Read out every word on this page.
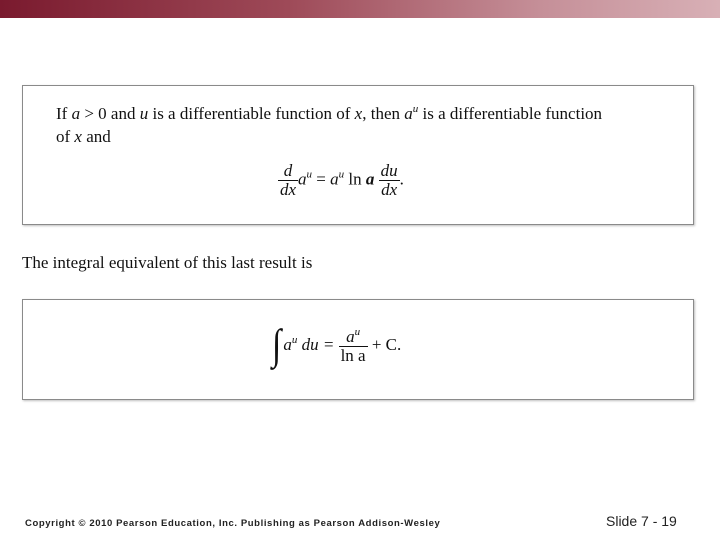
If a > 0 and u is a differentiable function of x, then $a^u$ is a differentiable function
of x and
$\frac{d}{dx} a^u = a^u$ ln a $\frac{du}{dx}$ .
The integral equivalent of this last result is
∫ $a^u$ du = $\frac{a^u}{\text{ln a}} + C$.
Copyright © 2010 Pearson Education, Inc. Publishing as Pearson Addison-Wesley	Slide 7 - 19
